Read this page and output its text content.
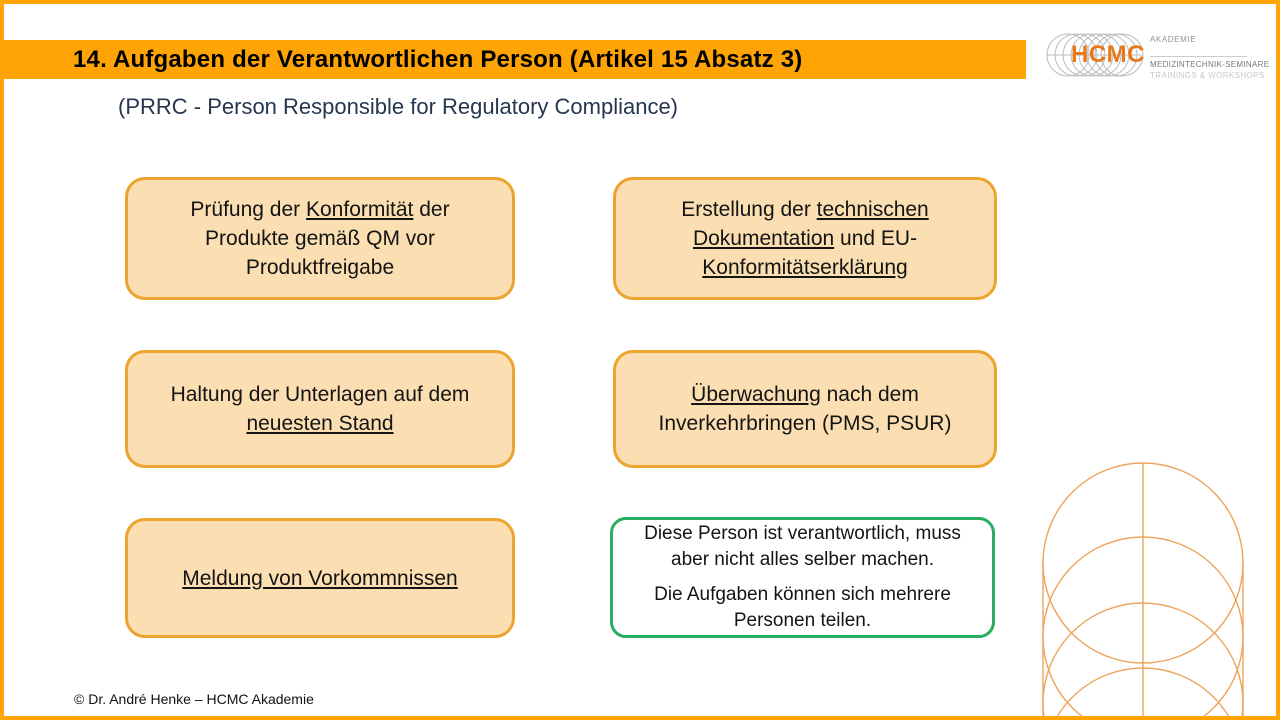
14. Aufgaben der Verantwortlichen Person (Artikel 15 Absatz 3)
(PRRC - Person Responsible for Regulatory Compliance)
HCMC
AKADEMIE
MEDIZINTECHNIK-SEMINARE
TRAININGS & WORKSHOPS

Prüfung der Konformität der Produkte gemäß QM vor Produktfreigabe

Erstellung der technischen Dokumentation und EU-Konformitätserklärung

Haltung der Unterlagen auf dem neuesten Stand

Überwachung nach dem Inverkehrbringen (PMS, PSUR)

Meldung von Vorkommnissen

Diese Person ist verantwortlich, muss aber nicht alles selber machen.

Die Aufgaben können sich mehrere Personen teilen.

© Dr. André Henke – HCMC Akademie
